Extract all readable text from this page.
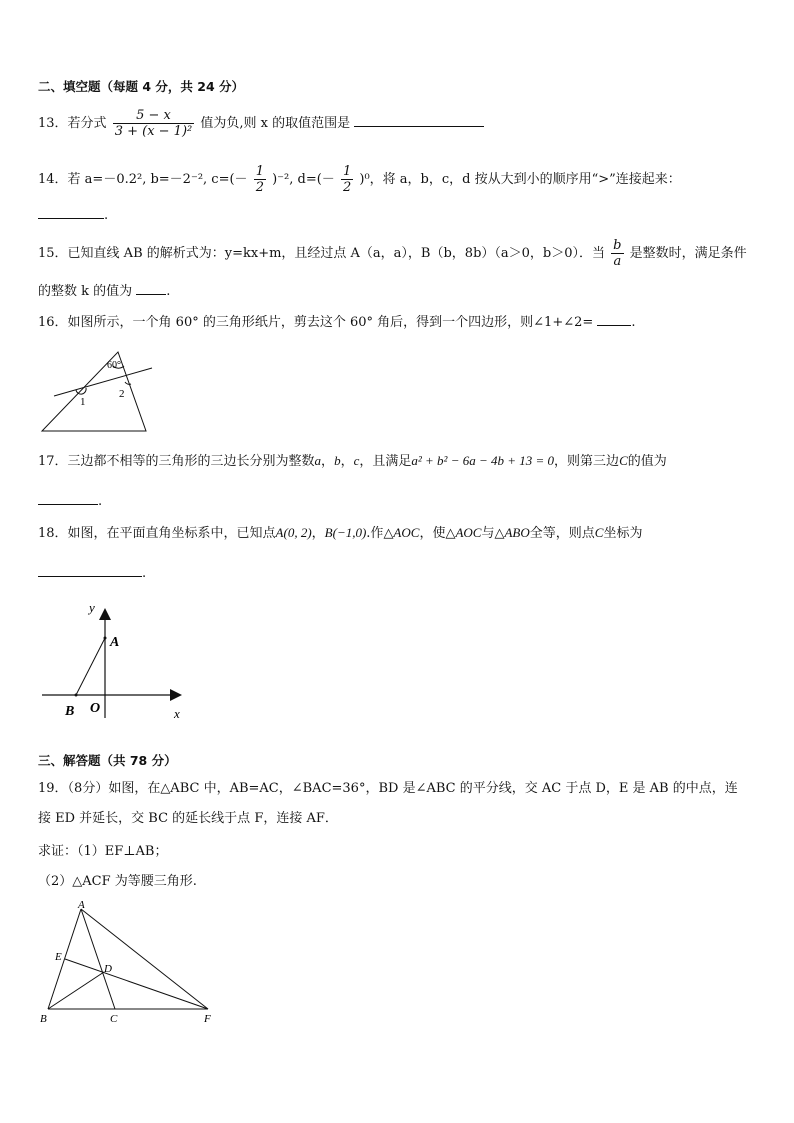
二、填空题（每题 4 分，共 24 分）
13．若分式 $\frac{5 - x}{\text{3 + (x − 1)²}}$ 值为负,则 x 的取值范围是
14．若 a=－0.2², b=－2⁻², $c=(- \frac{1}{2} )^{-2}$, $d=(- \frac{1}{2} )^0$，将 a，b，c，d 按从大到小的顺序用“>”连接起来：
.
15．已知直线 AB 的解析式为：y=kx+m，且经过点 A（a，a），B（b，8b）（a＞0，b＞0）．当 $\frac{b}{a}$ 是整数时，满足条件
的整数 k 的值为	.
16．如图所示，一个角 60° 的三角形纸片，剪去这个 60° 角后，得到一个四边形，则∠1+∠2=	.
60°
1
2
17．三边都不相等的三角形的三边长分别为整数a，b，c，且满足a² + b² − 6a − 4b + 13 = 0，则第三边C的值为
.
18．如图，在平面直角坐标系中，已知点A(0, 2)，B(−1,0).作△AOC，使△AOC与△ABO全等，则点C坐标为
.
y
x
A
B O
三、解答题（共 78 分）
19．（8分）如图，在△ABC 中，AB=AC，∠BAC=36°，BD 是∠ABC 的平分线，交 AC 于点 D，E 是 AB 的中点，连
接 ED 并延长，交 BC 的延长线于点 F，连接 AF．
求证：（1）EF⊥AB；
（2）△ACF 为等腰三角形.
A
E
D
B	C	F
